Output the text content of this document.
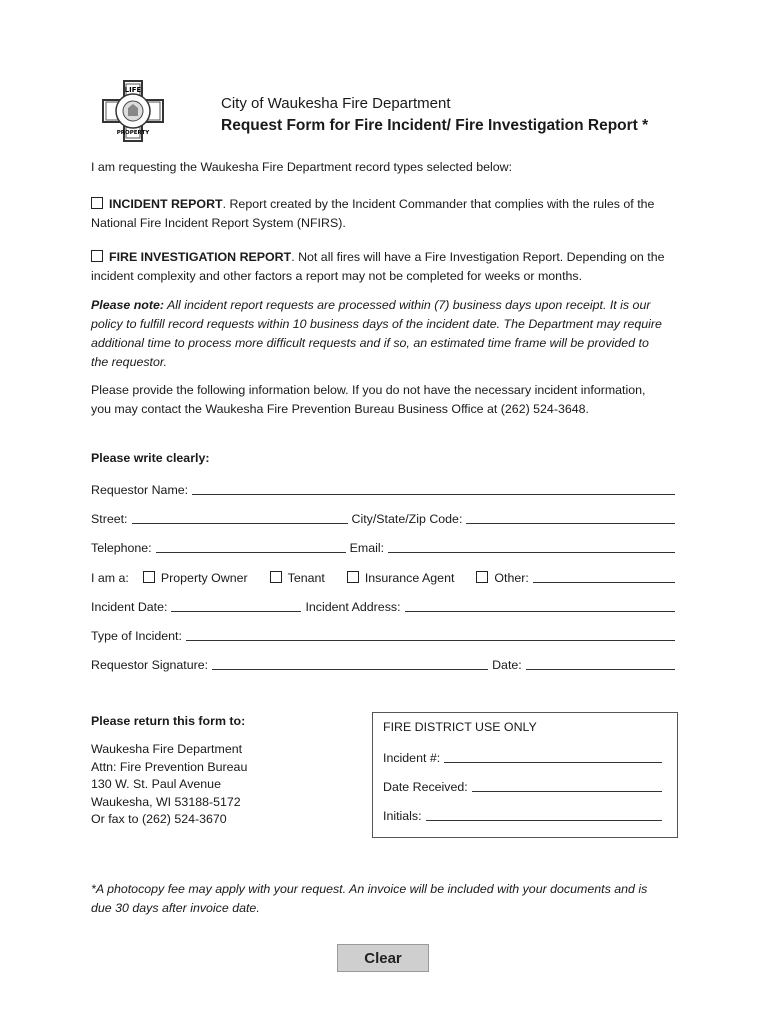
LIFE
PROPERTY
City of Waukesha Fire Department
Request Form for Fire Incident/ Fire Investigation Report *

I am requesting the Waukesha Fire Department record types selected below:

INCIDENT REPORT. Report created by the Incident Commander that complies with the rules of the

National Fire Incident Report System (NFIRS).

FIRE INVESTIGATION REPORT. Not all fires will have a Fire Investigation Report. Depending on the

incident complexity and other factors a report may not be completed for weeks or months.

Please note: All incident report requests are processed within (7) business days upon receipt. It is our

policy to fulfill record requests within 10 business days of the incident date. The Department may require

additional time to process more difficult requests and if so, an estimated time frame will be provided to

the requestor.

Please provide the following information below. If you do not have the necessary incident information,

you may contact the Waukesha Fire Prevention Bureau Business Office at (262) 524-3648.

Please write clearly:
Requestor Name:
Street:	City/State/Zip Code:
Telephone:	Email:
I am a:	Property Owner	Tenant	Insurance Agent	Other:
Incident Date:	Incident Address:
Type of Incident:
Requestor Signature:	Date:
Please return this form to:

Waukesha Fire Department

Attn: Fire Prevention Bureau

130 W. St. Paul Avenue

Waukesha, WI 53188-5172

Or fax to (262) 524-3670

FIRE DISTRICT USE ONLY
Incident #:
Date Received:
Initials:

*A photocopy fee may apply with your request. An invoice will be included with your documents and is

due 30 days after invoice date.

Clear
